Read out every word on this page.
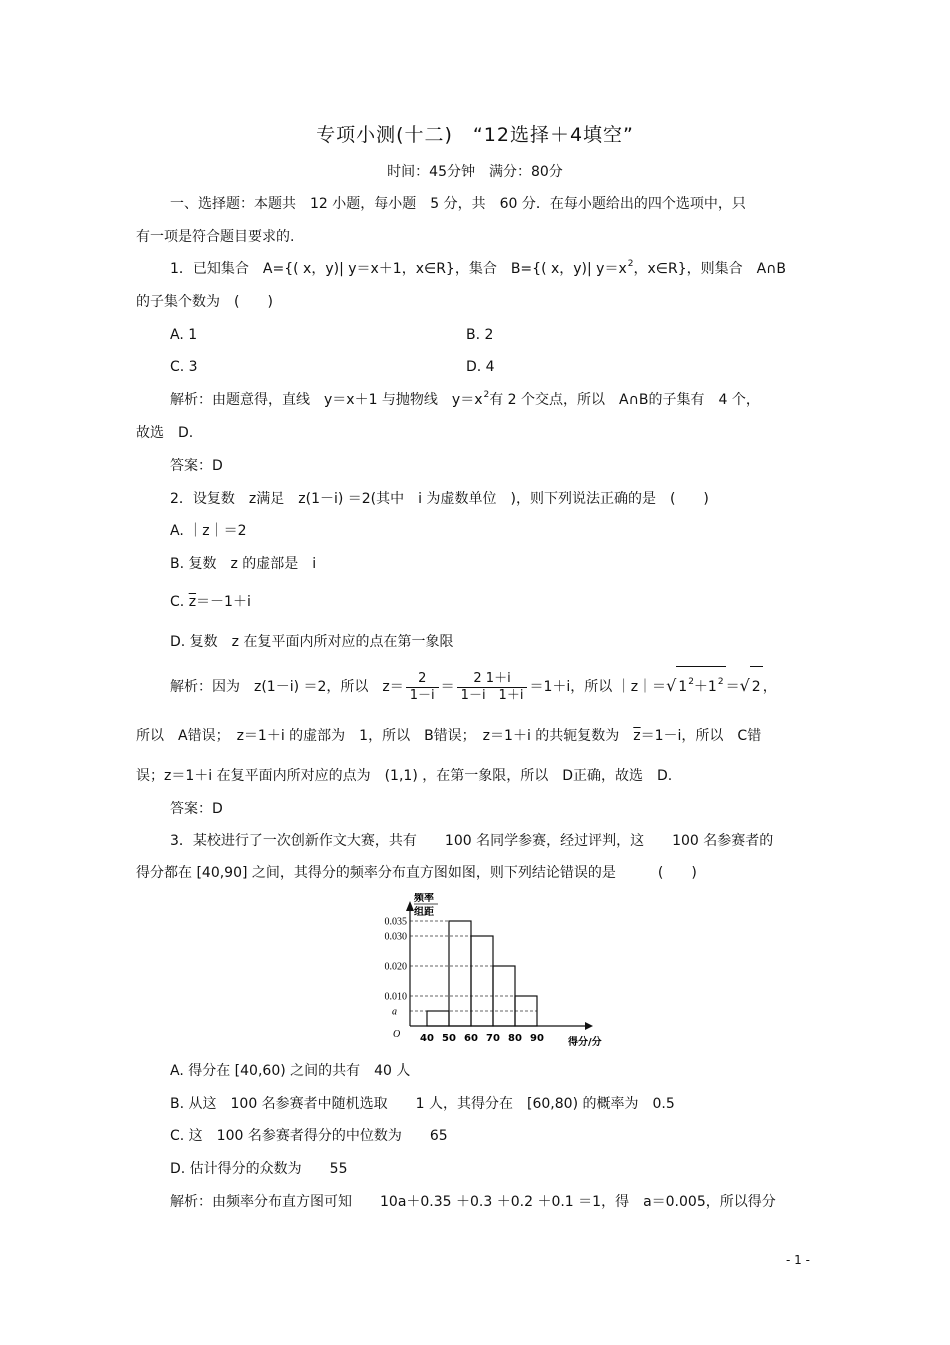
专项小测(十二)　“12选择＋4填空”
时间：45分钟　满分：80分
一、选择题：本题共　12 小题，每小题　5 分，共　60 分．在每小题给出的四个选项中，只
有一项是符合题目要求的.
1．已知集合　A={( x，y)| y＝x＋1，x∈R}，集合　B={( x，y)| $y=x^2$，x∈R}，则集合　A∩B
的子集个数为　(　　)
A. 1	B. 2
C. 3	D. 4
解析：由题意得，直线　y＝x＋1 与抛物线　$y=x^2$有 2 个交点，所以　A∩B的子集有　4 个，
故选　D.
答案：D
2．设复数　z满足　z(1－i) ＝2(其中　i 为虚数单位　)，则下列说法正确的是　(　　)
A. ｜z｜＝2
B. 复数　z 的虚部是　i
C. $\overline{z}=-1+i$
D. 复数　z 在复平面内所对应的点在第一象限
解析：因为　z(1－i) ＝2，所以　$z= \frac{2}{1-i} = \frac{2 1+i}{1-i 1+i} =1+i$，所以 ｜z｜＝√ $1^2+1^2$ ＝√ 2 ，
所以　A错误；　z＝1＋i 的虚部为　1，所以　B错误；　z＝1＋i 的共轭复数为　$\overline{z}=1-i$，所以　C错
误；z＝1＋i 在复平面内所对应的点为　(1,1) ，在第一象限，所以　D正确，故选　D.
答案：D
3．某校进行了一次创新作文大赛，共有　　100 名同学参赛，经过评判，这　　100 名参赛者的
得分都在 [40,90] 之间，其得分的频率分布直方图如图，则下列结论错误的是　　　(　　)
0.035
0.030
0.020
0.010
a
40 50 60 70 80 90
O
频率
组距
得分/分
A. 得分在 [40,60) 之间的共有　40 人
B. 从这　100 名参赛者中随机选取　　1 人，其得分在　[60,80) 的概率为　0.5
C. 这　100 名参赛者得分的中位数为　　65
D. 估计得分的众数为　　55
解析：由频率分布直方图可知　　10a＋0.35 ＋0.3 ＋0.2 ＋0.1 ＝1，得　a＝0.005，所以得分
- 1 -
